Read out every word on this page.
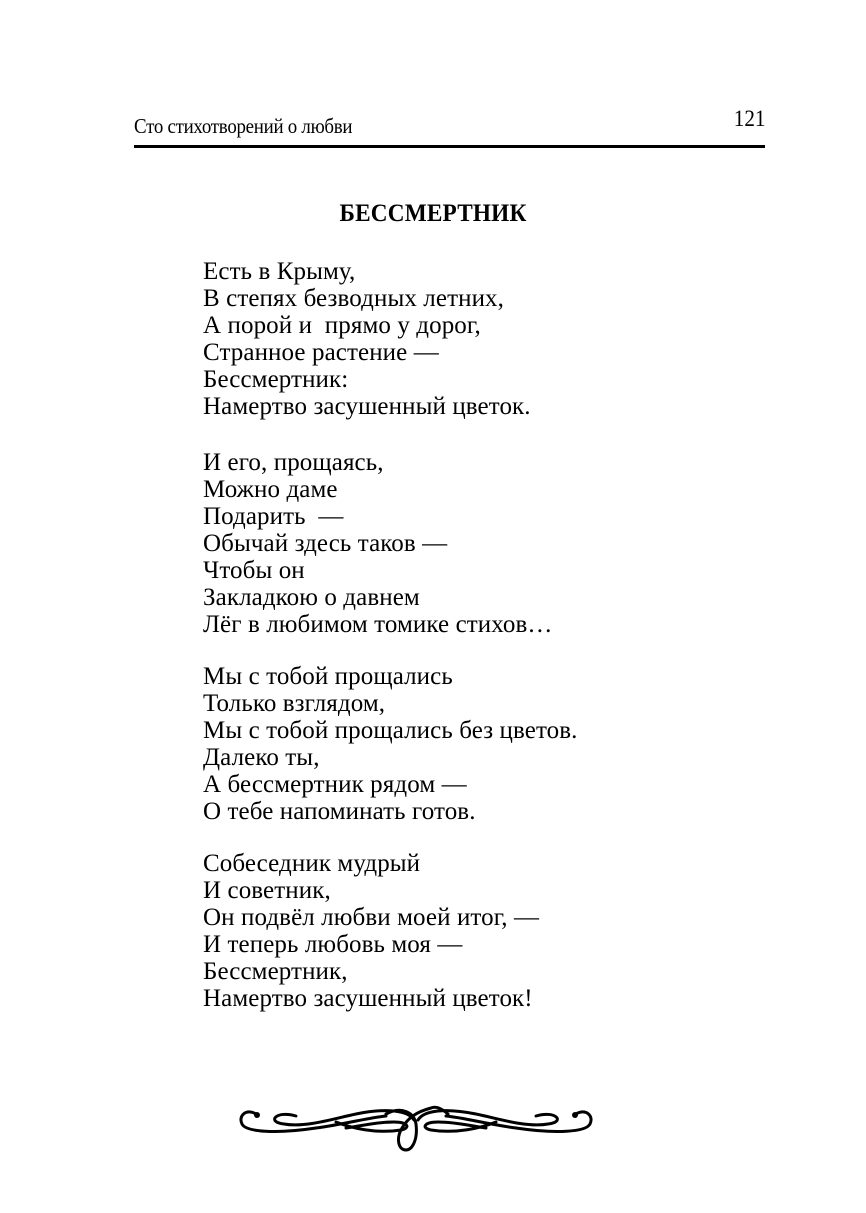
Сто стихотворений о любви	121
БЕССМЕРТНИК
Есть в Крыму,
В степях безводных летних,
А порой и  прямо у дорог,
Странное растение —
Бессмертник:
Намертво засушенный цветок.
И его, прощаясь,
Можно даме
Подарить  —
Обычай здесь таков —
Чтобы он
Закладкою о давнем
Лёг в любимом томике стихов…
Мы с тобой прощались
Только взглядом,
Мы с тобой прощались без цветов.
Далеко ты,
А бессмертник рядом —
О тебе напоминать готов.
Собеседник мудрый
И советник,
Он подвёл любви моей итог, —
И теперь любовь моя —
Бессмертник,
Намертво засушенный цветок!
